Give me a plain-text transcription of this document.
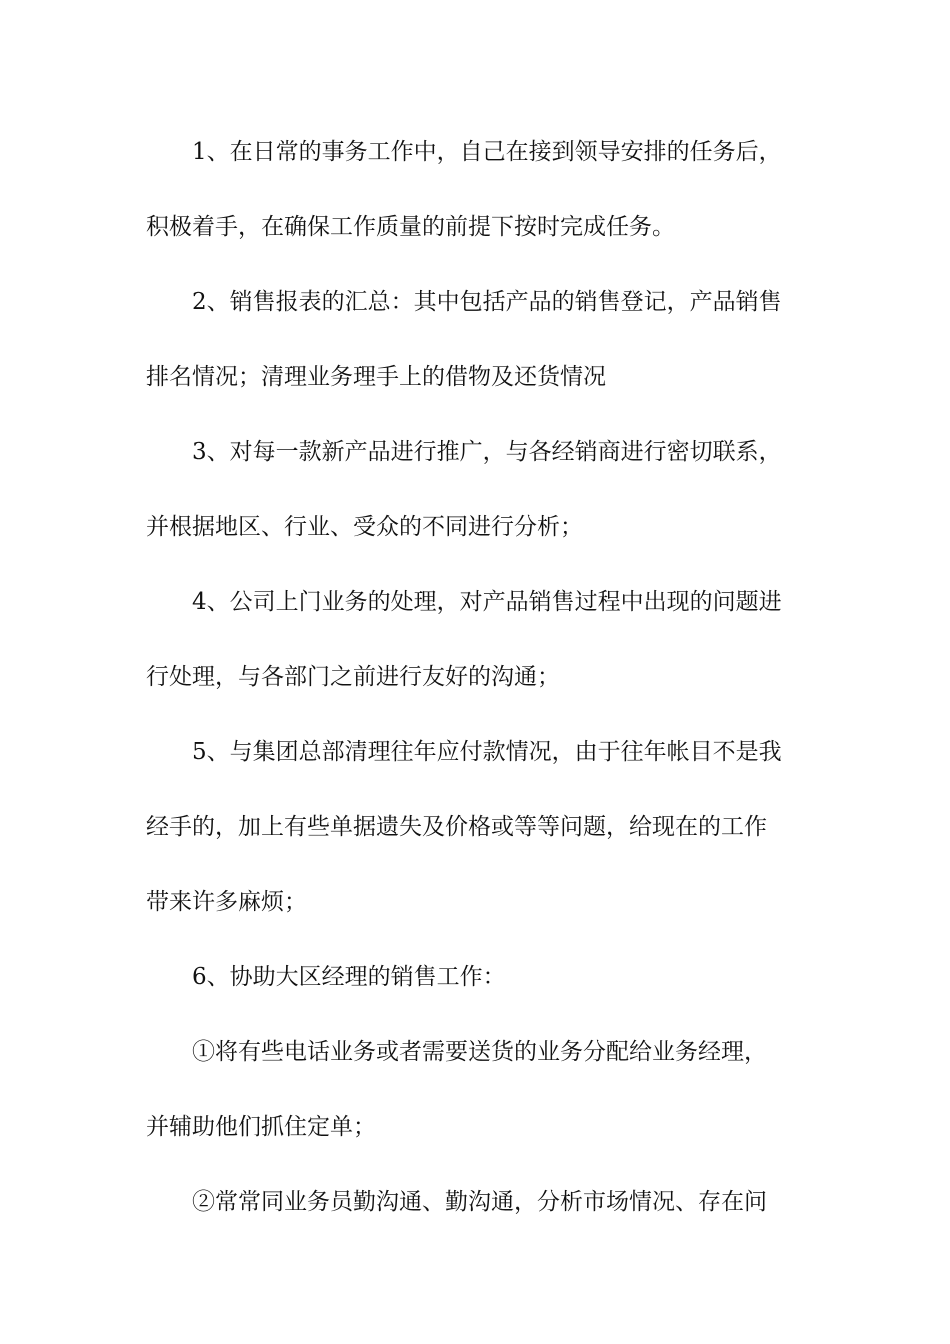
1、在日常的事务工作中，自己在接到领导安排的任务后，
积极着手，在确保工作质量的前提下按时完成任务。
2、销售报表的汇总：其中包括产品的销售登记，产品销售
排名情况；清理业务理手上的借物及还货情况
3、对每一款新产品进行推广，与各经销商进行密切联系，
并根据地区、行业、受众的不同进行分析；
4、公司上门业务的处理，对产品销售过程中出现的问题进
行处理，与各部门之前进行友好的沟通；
5、与集团总部清理往年应付款情况，由于往年帐目不是我
经手的，加上有些单据遗失及价格或等等问题，给现在的工作
带来许多麻烦；
6、协助大区经理的销售工作：
①将有些电话业务或者需要送货的业务分配给业务经理，
并辅助他们抓住定单；
②常常同业务员勤沟通、勤沟通，分析市场情况、存在问
